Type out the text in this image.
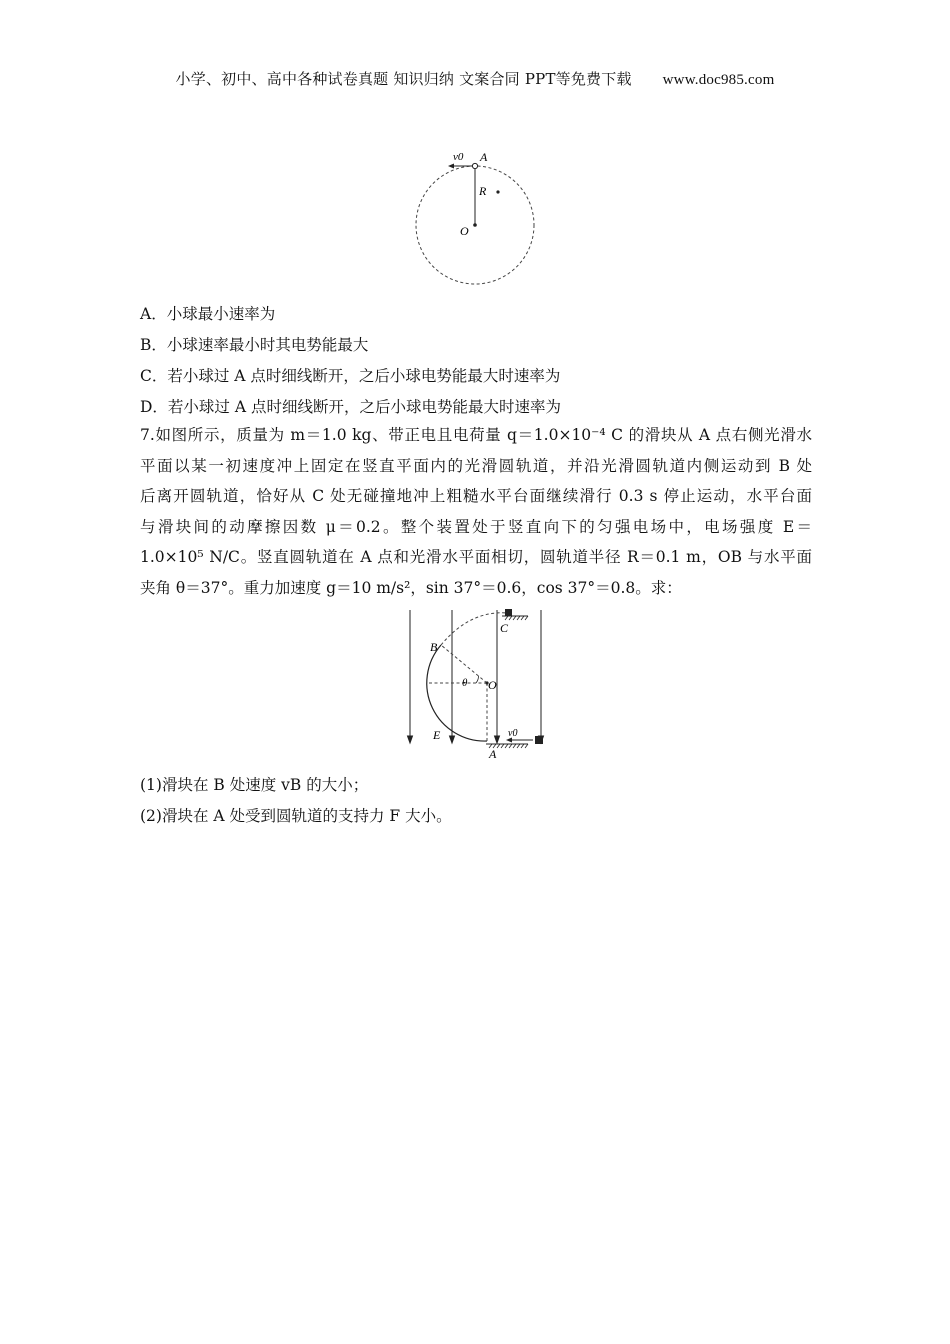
小学、初中、高中各种试卷真题 知识归纳 文案合同 PPT等免费下载 www.doc985.com
v0 A
R
O
A．小球最小速率为
B．小球速率最小时其电势能最大
C．若小球过 A 点时细线断开，之后小球电势能最大时速率为
D．若小球过 A 点时细线断开，之后小球电势能最大时速率为
7.如图所示，质量为 m＝1.0 kg、带正电且电荷量 q＝1.0×10⁻⁴ C 的滑块从 A 点右侧光滑水
平面以某一初速度冲上固定在竖直平面内的光滑圆轨道，并沿光滑圆轨道内侧运动到 B 处
后离开圆轨道，恰好从 C 处无碰撞地冲上粗糙水平台面继续滑行 0.3 s 停止运动，水平台面
与滑块间的动摩擦因数 μ＝0.2。整个装置处于竖直向下的匀强电场中，电场强度 E＝
1.0×10⁵ N/C。竖直圆轨道在 A 点和光滑水平面相切，圆轨道半径 R＝0.1 m，OB 与水平面
夹角 θ＝37°。重力加速度 g＝10 m/s²，sin 37°＝0.6，cos 37°＝0.8。求：
B
C
θ O
E	v0
A
(1)滑块在 B 处速度 vB 的大小；
(2)滑块在 A 处受到圆轨道的支持力 F 大小。
